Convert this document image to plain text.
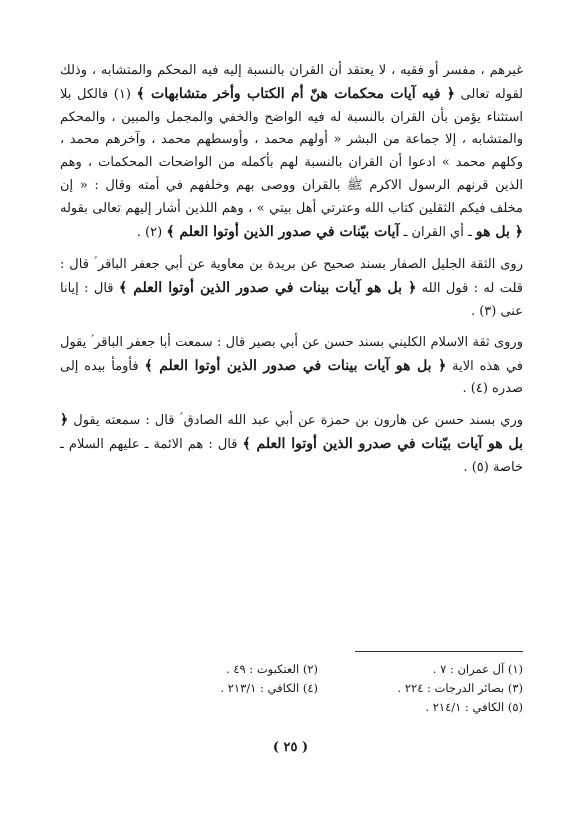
غيرهم ، مفسر أو فقيه ، لا يعتقد أن القران بالنسبة إليه فيه المحكم والمتشابه ، وذلك لقوله تعالى ﴿ فيه آيات محكمات هنّ أم الكتاب وأخر متشابهات ﴾ (١) فالكل بلا استثناء يؤمن بأن القران بالنسبة له فيه الواضح والخفي والمجمل والمبين ، والمحكم والمتشابه ، إلا جماعة من البشر « أولهم محمد ، وأوسطهم محمد ، وآخرهم محمد ، وكلهم محمد » ادعوا أن القران بالنسبة لهم بأكمله من الواضحات المحكمات ، وهم الذين قرنهم الرسول الاكرم ﷺ بالقران ووصى بهم وخلفهم في أمته وقال : « إن مخلف فيكم الثقلين كتاب الله وعترتي أهل بيتي » ، وهم اللذين أشار إليهم تعالى بقوله ﴿ بل هو ـ أي القران ـ آيات بيّنات في صدور الذين أوتوا العلم ﴾ (٢) .

روى الثقة الجليل الصفار بسند صحيح عن بريدة بن معاوية عن أبي جعفر الباقر ؑ قال : قلت له : قول الله ﴿ بل هو آيات بينات في صدور الذين أوتوا العلم ﴾ قال : إيانا عنى (٣) .

وروى ثقة الاسلام الكليني بسند حسن عن أبي بصير قال : سمعت أبا جعفر الباقر ؑ يقول في هذه الاية ﴿ بل هو آيات بينات في صدور الذين أوتوا العلم ﴾ فأومأ بيده إلى صدره (٤) .

وري بسند حسن عن هارون بن حمزة عن أبي عبد الله الصادق ؑ قال : سمعته يقول ﴿ بل هو آيات بيّنات في صدرو الذين أوتوا العلم ﴾ قال : هم الائمة ـ عليهم السلام ـ خاصة (٥) .

(١) آل عمران : ٧ .
(٣) بصائر الدرجات : ٢٢٤ .
(٥) الكافي : ٢١٤/١ .
(٢) العنكبوت : ٤٩ .
(٤) الكافي : ٢١٣/١ .
( ٢٥ )
